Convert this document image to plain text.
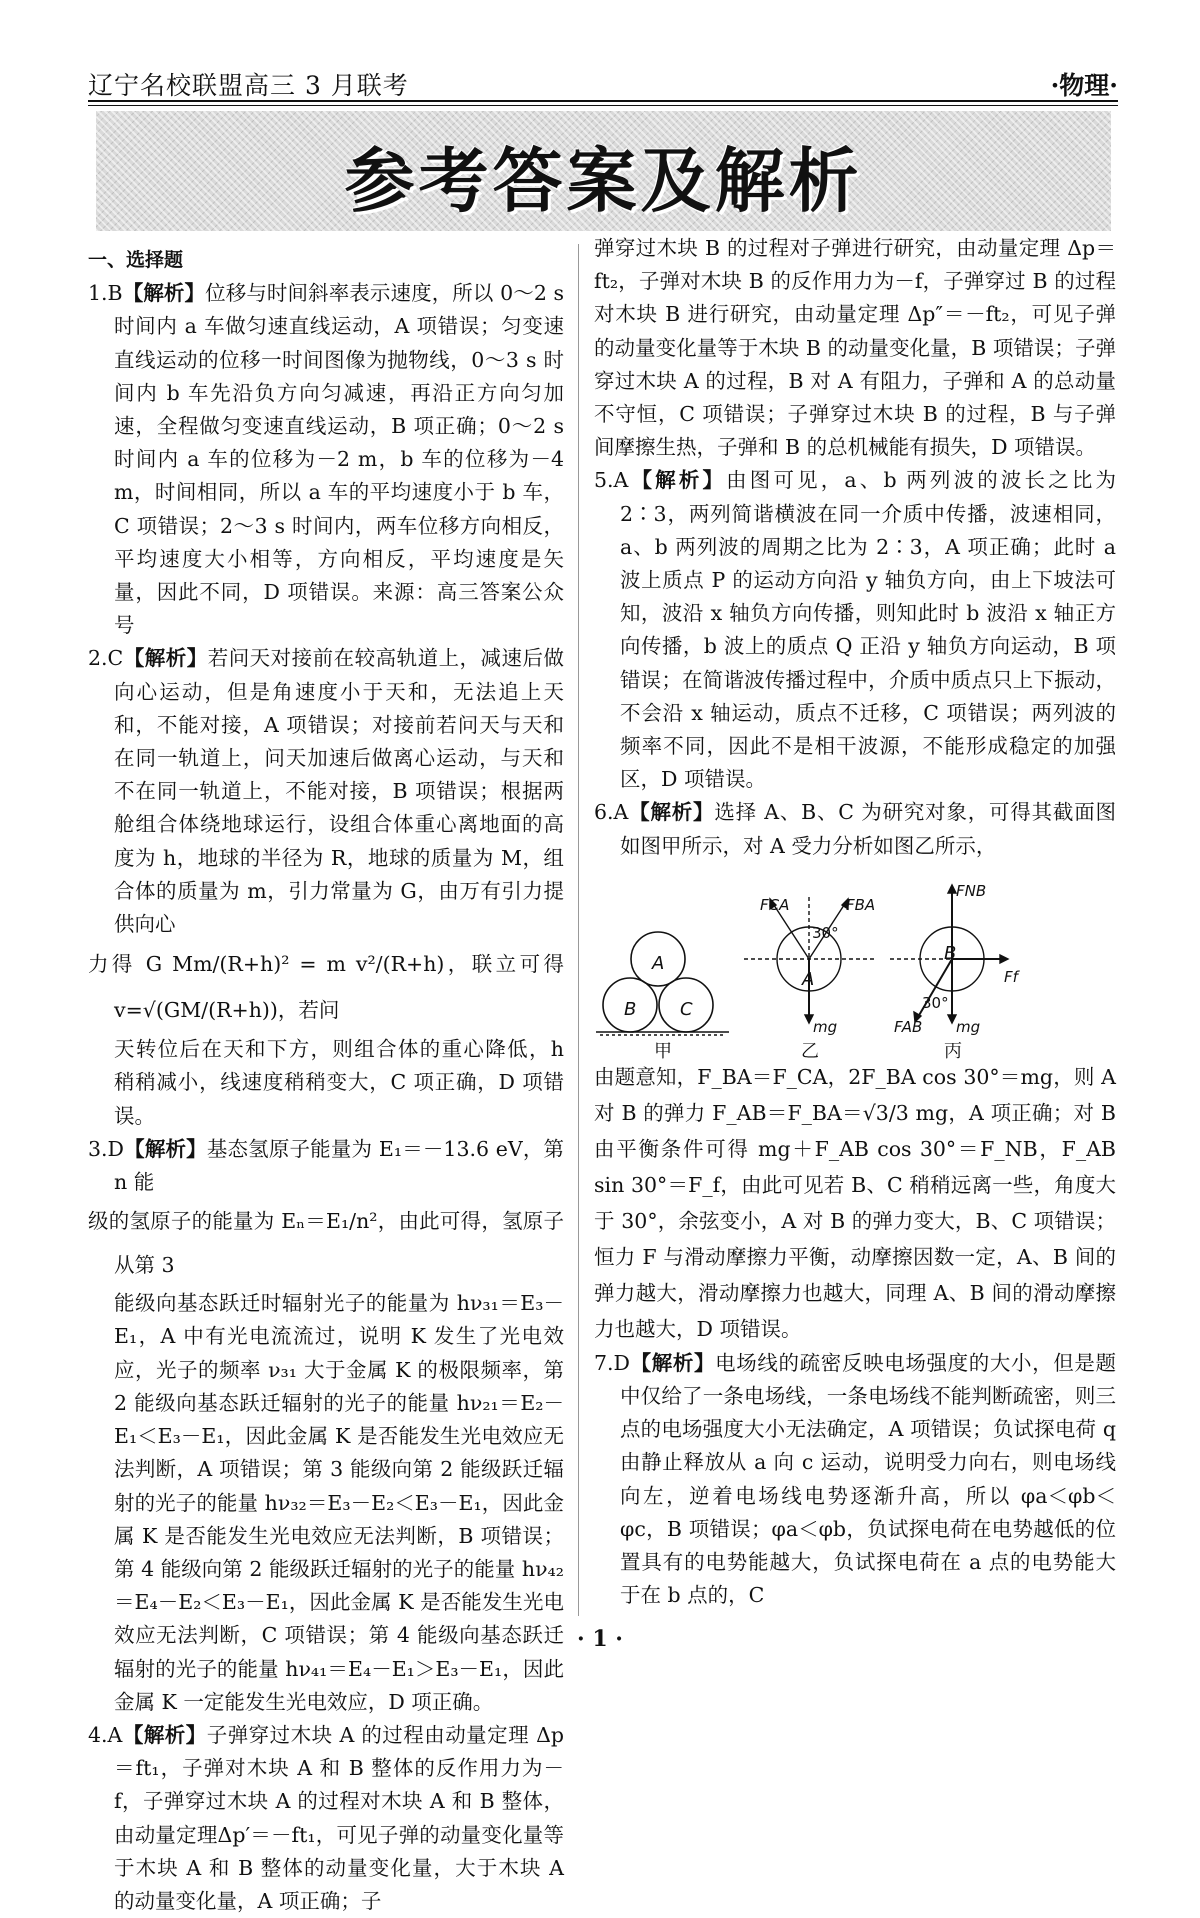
辽宁名校联盟高三 3 月联考	·物理·
参考答案及解析

一、选择题

1.B【解析】位移与时间斜率表示速度，所以 0～2 s 时间内 a 车做匀速直线运动，A 项错误；匀变速直线运动的位移一时间图像为抛物线，0～3 s 时间内 b 车先沿负方向匀减速，再沿正方向匀加速，全程做匀变速直线运动，B 项正确；0～2 s 时间内 a 车的位移为－2 m，b 车的位移为－4 m，时间相同，所以 a 车的平均速度小于 b 车，C 项错误；2～3 s 时间内，两车位移方向相反，平均速度大小相等，方向相反，平均速度是矢量，因此不同，D 项错误。来源：高三答案公众号

2.C【解析】若问天对接前在较高轨道上，减速后做向心运动，但是角速度小于天和，无法追上天和，不能对接，A 项错误；对接前若问天与天和在同一轨道上，问天加速后做离心运动，与天和不在同一轨道上，不能对接，B 项错误；根据两舱组合体绕地球运行，设组合体重心离地面的高度为 h，地球的半径为 R，地球的质量为 M，组合体的质量为 m，引力常量为 G，由万有引力提供向心
力得 G Mm/(R+h)² = m v²/(R+h)，联立可得 v=√(GM/(R+h))，若问 天转位后在天和下方，则组合体的重心降低，h 稍稍减小，线速度稍稍变大，C 项正确，D 项错误。

3.D【解析】基态氢原子能量为 E₁＝－13.6 eV，第 n 能
级的氢原子的能量为 Eₙ＝E₁/n²，由此可得，氢原子从第 3
能级向基态跃迁时辐射光子的能量为 hν₃₁＝E₃－E₁，A 中有光电流流过，说明 K 发生了光电效应，光子的频率 ν₃₁ 大于金属 K 的极限频率，第 2 能级向基态跃迁辐射的光子的能量 hν₂₁＝E₂－E₁＜E₃－E₁，因此金属 K 是否能发生光电效应无法判断，A 项错误；第 3 能级向第 2 能级跃迁辐射的光子的能量 hν₃₂＝E₃－E₂＜E₃－E₁，因此金属 K 是否能发生光电效应无法判断，B 项错误；第 4 能级向第 2 能级跃迁辐射的光子的能量 hν₄₂＝E₄－E₂＜E₃－E₁，因此金属 K 是否能发生光电效应无法判断，C 项错误；第 4 能级向基态跃迁辐射的光子的能量 hν₄₁＝E₄－E₁＞E₃－E₁，因此金属 K 一定能发生光电效应，D 项正确。

4.A【解析】子弹穿过木块 A 的过程由动量定理 Δp＝ft₁，子弹对木块 A 和 B 整体的反作用力为－f，子弹穿过木块 A 的过程对木块 A 和 B 整体，由动量定理Δp′＝－ft₁，可见子弹的动量变化量等于木块 A 和 B 整体的动量变化量，大于木块 A 的动量变化量，A 项正确；子

弹穿过木块 B 的过程对子弹进行研究，由动量定理 Δp＝ft₂，子弹对木块 B 的反作用力为－f，子弹穿过 B 的过程对木块 B 进行研究，由动量定理 Δp″＝－ft₂，可见子弹的动量变化量等于木块 B 的动量变化量，B 项错误；子弹穿过木块 A 的过程，B 对 A 有阻力，子弹和 A 的总动量不守恒，C 项错误；子弹穿过木块 B 的过程，B 与子弹间摩擦生热，子弹和 B 的总机械能有损失，D 项错误。

5.A【解析】由图可见，a、b 两列波的波长之比为 2∶3，两列简谐横波在同一介质中传播，波速相同，a、b 两列波的周期之比为 2∶3，A 项正确；此时 a 波上质点 P 的运动方向沿 y 轴负方向，由上下坡法可知，波沿 x 轴负方向传播，则知此时 b 波沿 x 轴正方向传播，b 波上的质点 Q 正沿 y 轴负方向运动，B 项错误；在简谐波传播过程中，介质中质点只上下振动，不会沿 x 轴运动，质点不迁移，C 项错误；两列波的频率不同，因此不是相干波源，不能形成稳定的加强区，D 项错误。

6.A【解析】选择 A、B、C 为研究对象，可得其截面图如图甲所示，对 A 受力分析如图乙所示，

A
B C
甲
FCA	FBA
30°
A
mg
乙
FNB
B
Ff
30°
FAB mg
丙

由题意知，F_BA＝F_CA，2F_BA cos 30°＝mg，则 A 对 B 的弹力 F_AB＝F_BA＝√3/3 mg，A 项正确；对 B 由平衡条件可得 mg＋F_AB cos 30°＝F_NB，F_AB sin 30°＝F_f，由此可见若 B、C 稍稍远离一些，角度大于 30°，余弦变小，A 对 B 的弹力变大，B、C 项错误；恒力 F 与滑动摩擦力平衡，动摩擦因数一定，A、B 间的弹力越大，滑动摩擦力也越大，同理 A、B 间的滑动摩擦力也越大，D 项错误。

7.D【解析】电场线的疏密反映电场强度的大小，但是题中仅给了一条电场线，一条电场线不能判断疏密，则三点的电场强度大小无法确定，A 项错误；负试探电荷 q 由静止释放从 a 向 c 运动，说明受力向右，则电场线向左，逆着电场线电势逐渐升高，所以 φa＜φb＜φc，B 项错误；φa＜φb，负试探电荷在电势越低的位置具有的电势能越大，负试探电荷在 a 点的电势能大于在 b 点的，C

· 1 ·
